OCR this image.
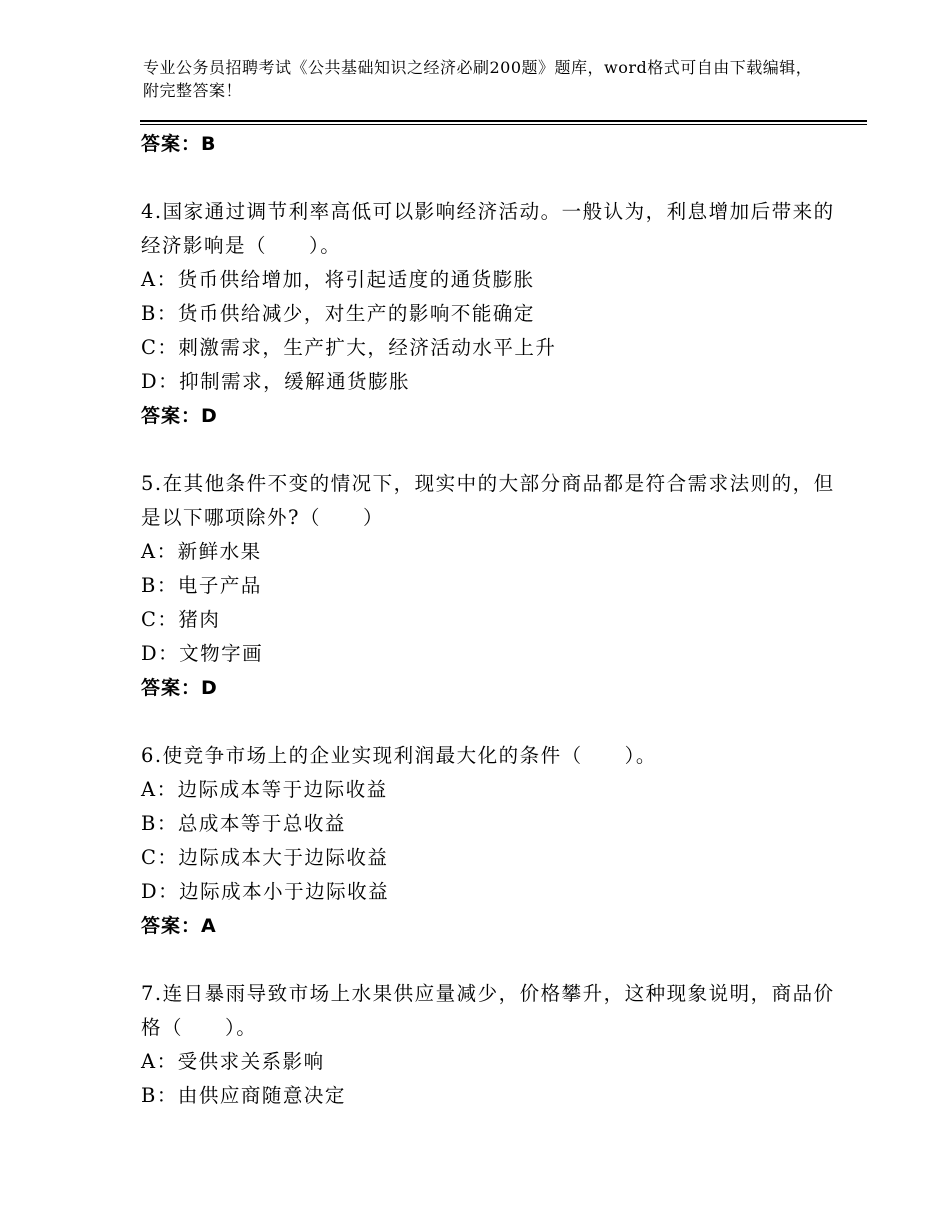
专业公务员招聘考试《公共基础知识之经济必刷200题》题库，word格式可自由下载编辑，附完整答案！
答案：B
4.国家通过调节利率高低可以影响经济活动。一般认为，利息增加后带来的经济影响是（　　）。
A：货币供给增加，将引起适度的通货膨胀
B：货币供给减少，对生产的影响不能确定
C：刺激需求，生产扩大，经济活动水平上升
D：抑制需求，缓解通货膨胀
答案：D
5.在其他条件不变的情况下，现实中的大部分商品都是符合需求法则的，但是以下哪项除外?（　　）
A：新鲜水果
B：电子产品
C：猪肉
D：文物字画
答案：D
6.使竞争市场上的企业实现利润最大化的条件（　　）。
A：边际成本等于边际收益
B：总成本等于总收益
C：边际成本大于边际收益
D：边际成本小于边际收益
答案：A
7.连日暴雨导致市场上水果供应量减少，价格攀升，这种现象说明，商品价格（　　）。
A：受供求关系影响
B：由供应商随意决定
